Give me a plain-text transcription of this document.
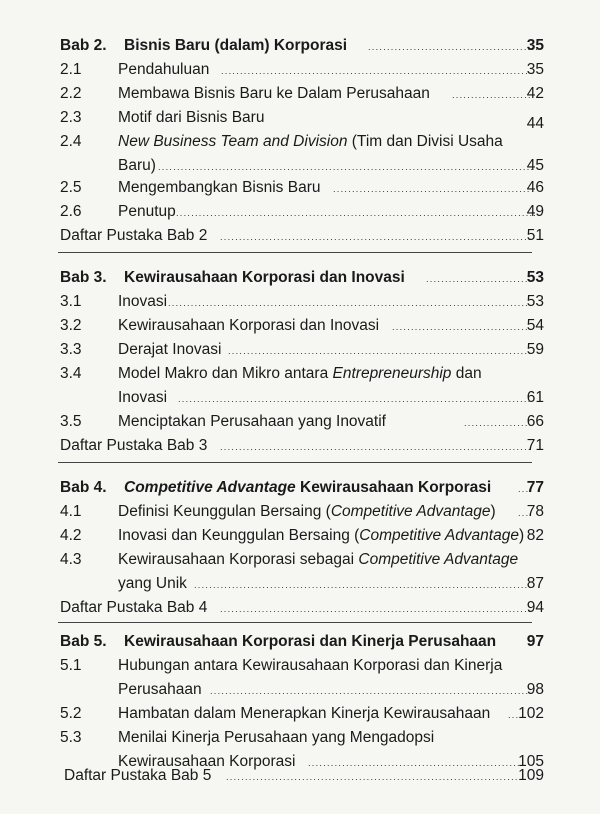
Bab 2. Bisnis Baru (dalam) Korporasi . . .	35
2.1 Pendahuluan . . .	35
2.2 Membawa Bisnis Baru ke Dalam Perusahaan . . .	42
2.3 Motif dari Bisnis Baru	44
2.4 New Business Team and Division (Tim dan Divisi Usaha
Baru) . . .	45
2.5 Mengembangkan Bisnis Baru . . .	46
2.6 Penutup . . .	49
Daftar Pustaka Bab 2 . . .	51
Bab 3. Kewirausahaan Korporasi dan Inovasi . . .	53
3.1 Inovasi . . .	53
3.2 Kewirausahaan Korporasi dan Inovasi . . .	54
3.3 Derajat Inovasi . . .	59
3.4 Model Makro dan Mikro antara Entrepreneurship dan
Inovasi . . .	61
3.5 Menciptakan Perusahaan yang Inovatif . . .	66
Daftar Pustaka Bab 3 . . .	71
Bab 4. Competitive Advantage Kewirausahaan Korporasi . . . 77
4.1 Definisi Keunggulan Bersaing (Competitive Advantage) . . . 78
4.2 Inovasi dan Keunggulan Bersaing (Competitive Advantage) 82
4.3 Kewirausahaan Korporasi sebagai Competitive Advantage
yang Unik . . .	87
Daftar Pustaka Bab 4 . . .	94
Bab 5. Kewirausahaan Korporasi dan Kinerja Perusahaan 97
5.1 Hubungan antara Kewirausahaan Korporasi dan Kinerja
Perusahaan . . .	98
5.2 Hambatan dalam Menerapkan Kinerja Kewirausahaan . . . 102
5.3 Menilai Kinerja Perusahaan yang Mengadopsi
Kewirausahaan Korporasi . . .	105
Daftar Pustaka Bab 5 . . .	109
